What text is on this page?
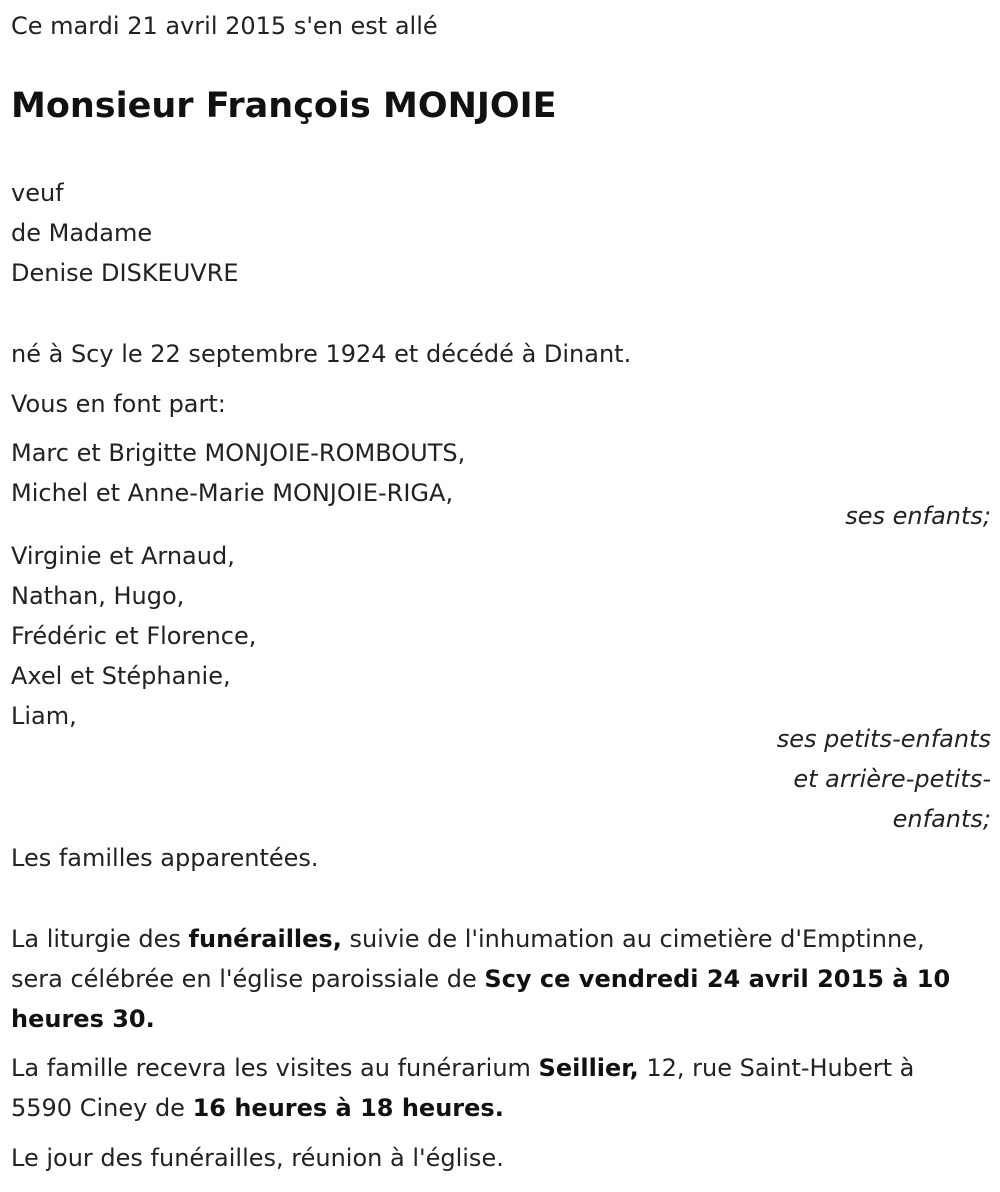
Ce mardi 21 avril 2015 s'en est allé
Monsieur François MONJOIE
veuf
de Madame
Denise DISKEUVRE
né à Scy le 22 septembre 1924 et décédé à Dinant.
Vous en font part:
Marc et Brigitte MONJOIE-ROMBOUTS,
Michel et Anne-Marie MONJOIE-RIGA,
ses enfants;
Virginie et Arnaud,
Nathan, Hugo,
Frédéric et Florence,
Axel et Stéphanie,
Liam,
ses petits-enfants
et arrière-petits-
enfants;
Les familles apparentées.
La liturgie des funérailles, suivie de l'inhumation au cimetière d'Emptinne, sera célébrée en l'église paroissiale de Scy ce vendredi 24 avril 2015 à 10 heures 30.
La famille recevra les visites au funérarium Seillier, 12, rue Saint-Hubert à 5590 Ciney de 16 heures à 18 heures.
Le jour des funérailles, réunion à l'église.
